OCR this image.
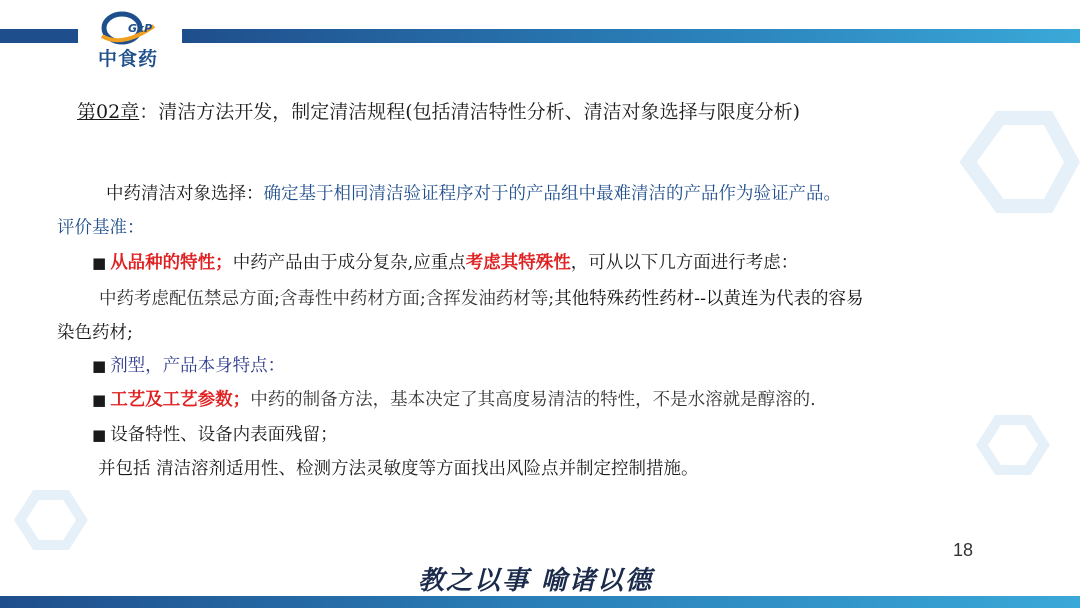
GxP
中食药
第02章：清洁方法开发，制定清洁规程(包括清洁特性分析、清洁对象选择与限度分析)
中药清洁对象选择：确定基于相同清洁验证程序对于的产品组中最难清洁的产品作为验证产品。
评价基准：
■ 从品种的特性；中药产品由于成分复杂,应重点考虑其特殊性，可从以下几方面进行考虑：
中药考虑配伍禁忌方面;含毒性中药材方面;含挥发油药材等;其他特殊药性药材--以黄连为代表的容易
染色药材;
■ 剂型，产品本身特点：
■ 工艺及工艺参数；中药的制备方法，基本决定了其高度易清洁的特性，不是水溶就是醇溶的.
■ 设备特性、设备内表面残留；
并包括 清洁溶剂适用性、检测方法灵敏度等方面找出风险点并制定控制措施。
18
教之以事 喻诸以德
